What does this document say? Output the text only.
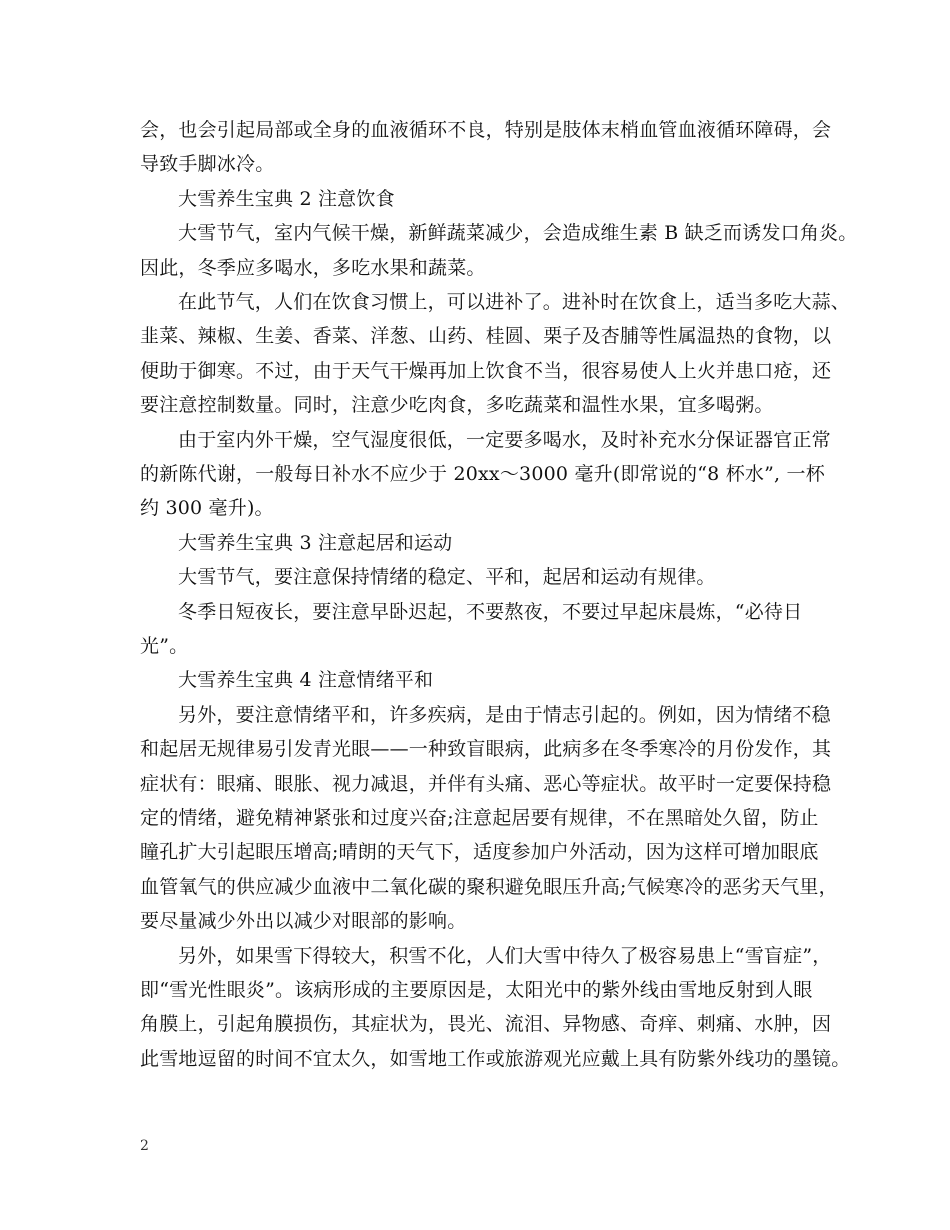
会，也会引起局部或全身的血液循环不良，特别是肢体末梢血管血液循环障碍，会
导致手脚冰冷。
大雪养生宝典 2 注意饮食
大雪节气，室内气候干燥，新鲜蔬菜减少，会造成维生素 B 缺乏而诱发口角炎。
因此，冬季应多喝水，多吃水果和蔬菜。
在此节气，人们在饮食习惯上，可以进补了。进补时在饮食上，适当多吃大蒜、
韭菜、辣椒、生姜、香菜、洋葱、山药、桂圆、栗子及杏脯等性属温热的食物，以
便助于御寒。不过，由于天气干燥再加上饮食不当，很容易使人上火并患口疮，还
要注意控制数量。同时，注意少吃肉食，多吃蔬菜和温性水果，宜多喝粥。
由于室内外干燥，空气湿度很低，一定要多喝水，及时补充水分保证器官正常
的新陈代谢，一般每日补水不应少于 20xx～3000 毫升(即常说的“8 杯水”, 一杯
约 300 毫升)。
大雪养生宝典 3 注意起居和运动
大雪节气，要注意保持情绪的稳定、平和，起居和运动有规律。
冬季日短夜长，要注意早卧迟起，不要熬夜，不要过早起床晨炼，“必待日
光”。
大雪养生宝典 4 注意情绪平和
另外，要注意情绪平和，许多疾病，是由于情志引起的。例如，因为情绪不稳
和起居无规律易引发青光眼——一种致盲眼病，此病多在冬季寒冷的月份发作，其
症状有：眼痛、眼胀、视力减退，并伴有头痛、恶心等症状。故平时一定要保持稳
定的情绪，避免精神紧张和过度兴奋;注意起居要有规律，不在黑暗处久留，防止
瞳孔扩大引起眼压增高;晴朗的天气下，适度参加户外活动，因为这样可增加眼底
血管氧气的供应减少血液中二氧化碳的聚积避免眼压升高;气候寒冷的恶劣天气里，
要尽量减少外出以减少对眼部的影响。
另外，如果雪下得较大，积雪不化，人们大雪中待久了极容易患上“雪盲症”，
即“雪光性眼炎”。该病形成的主要原因是，太阳光中的紫外线由雪地反射到人眼
角膜上，引起角膜损伤，其症状为，畏光、流泪、异物感、奇痒、刺痛、水肿，因
此雪地逗留的时间不宜太久，如雪地工作或旅游观光应戴上具有防紫外线功的墨镜。
2
